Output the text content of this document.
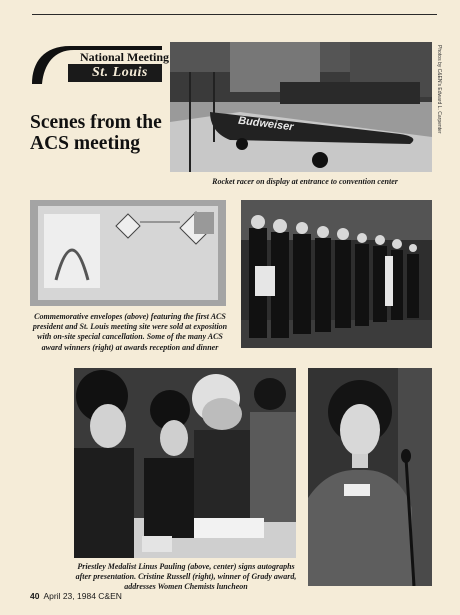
National Meeting
St. Louis
Scenes from the ACS meeting
Budweiser	Photos by C&EN's Edward L. Carpenter
Rocket racer on display at entrance to convention center
Commemorative envelopes (above) featuring the first ACS president and St. Louis meeting site were sold at exposition with on-site special cancellation. Some of the many ACS award winners (right) at awards reception and dinner
Priestley Medalist Linus Pauling (above, center) signs autographs after presentation. Cristine Russell (right), winner of Grady award, addresses Women Chemists luncheon
40 April 23, 1984 C&EN
